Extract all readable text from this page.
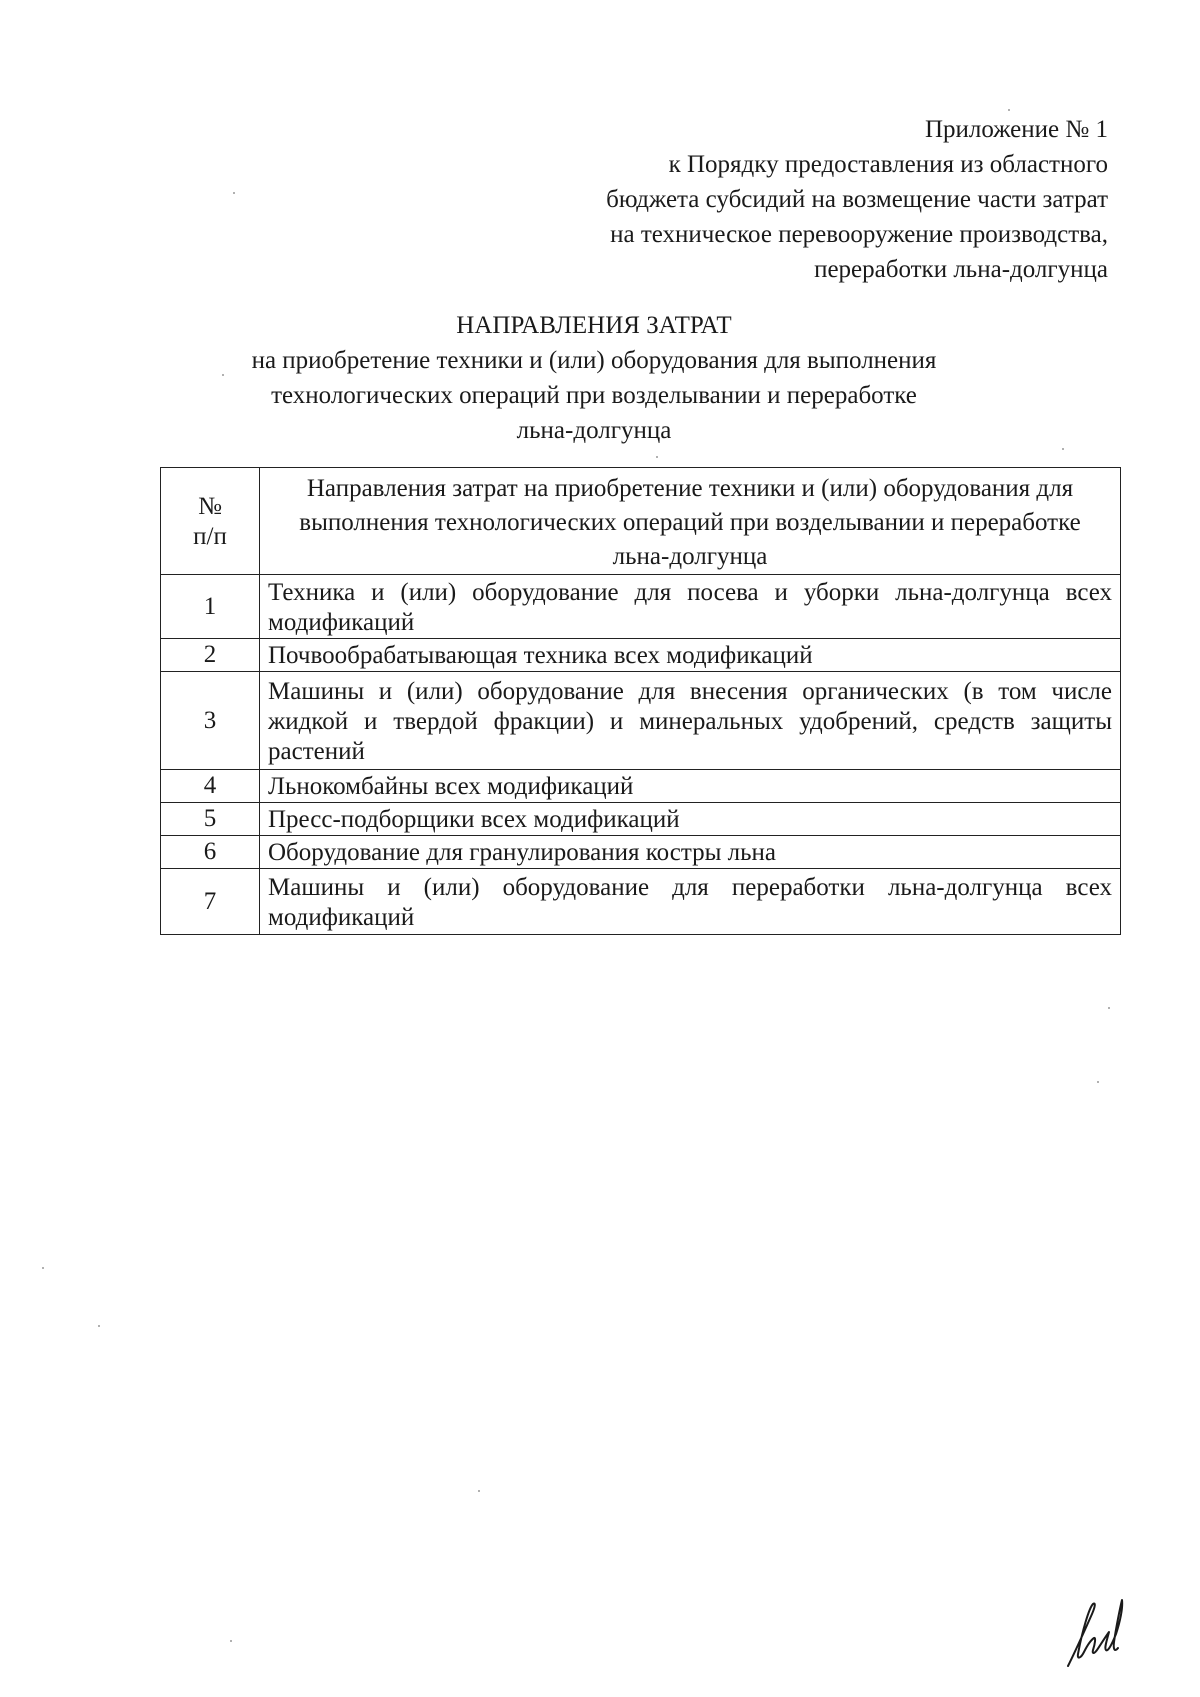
Приложение № 1
к Порядку предоставления из областного
бюджета субсидий на возмещение части затрат
на техническое перевооружение производства,
переработки льна-долгунца
НАПРАВЛЕНИЯ ЗАТРАТ
на приобретение техники и (или) оборудования для выполнения
технологических операций при возделывании и переработке
льна-долгунца
№
п/п	Направления затрат на приобретение техники и (или) оборудования для выполнения технологических операций при возделывании и переработке льна-долгунца
1	Техника и (или) оборудование для посева и уборки льна-долгунца всех модификаций
2	Почвообрабатывающая техника всех модификаций
3	Машины и (или) оборудование для внесения органических (в том числе жидкой и твердой фракции) и минеральных удобрений, средств защиты растений
4	Льнокомбайны всех модификаций
5	Пресс-подборщики всех модификаций
6	Оборудование для гранулирования костры льна
7	Машины и (или) оборудование для переработки льна-долгунца всех модификаций
